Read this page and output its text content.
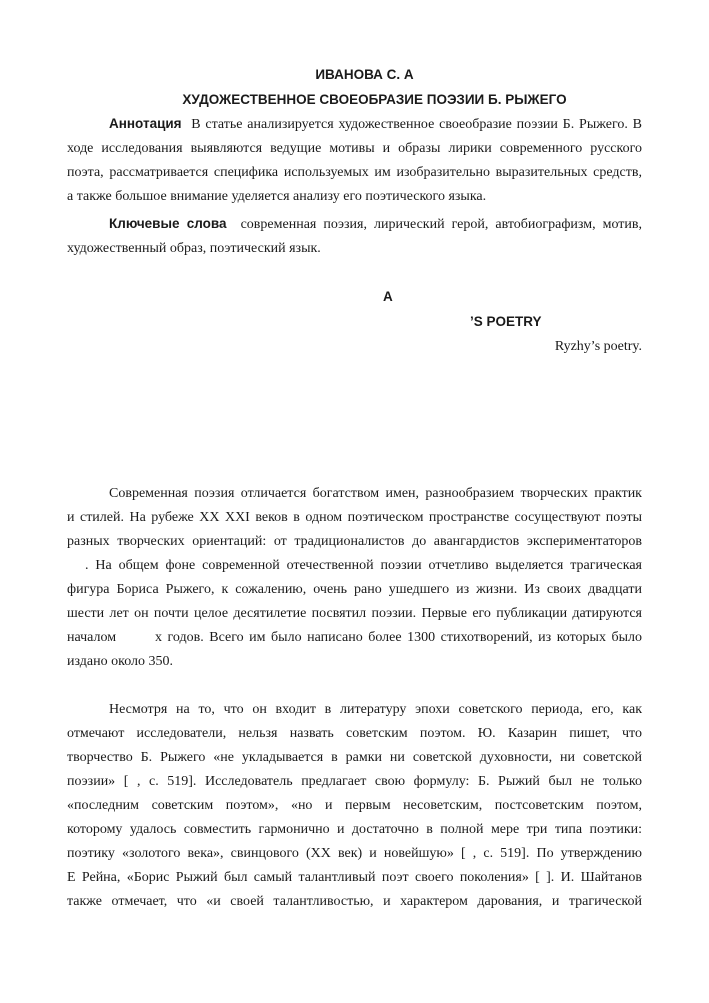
ИВАНОВА С. А
ХУДОЖЕСТВЕННОЕ СВОЕОБРАЗИЕ ПОЭЗИИ Б. РЫЖЕГО
Аннотация В статье анализируется художественное своеобразие поэзии Б. Рыжего. В
ходе исследования выявляются ведущие мотивы и образы лирики современного русского
поэта, рассматривается специфика используемых им изобразительно выразительных средств,
а также большое внимание уделяется анализу его поэтического языка.
Ключевые слова современная поэзия, лирический герой, автобиографизм, мотив,
художественный образ, поэтический язык.
A
’S POETRY
Ryzhy’s poetry.
Современная поэзия отличается богатством имен, разнообразием творческих практик
и стилей. На рубеже XX XXI веков в одном поэтическом пространстве сосуществуют поэты
разных творческих ориентаций: от традиционалистов до авангардистов экспериментаторов
. На общем фоне современной отечественной поэзии отчетливо выделяется трагическая
фигура Бориса Рыжего, к сожалению, очень рано ушедшего из жизни. Из своих двадцати
шести лет он почти целое десятилетие посвятил поэзии. Первые его публикации датируются
началом	х годов. Всего им было написано более 1300 стихотворений, из которых было
издано около 350.
Несмотря на то, что он входит в литературу эпохи советского периода, его, как
отмечают исследователи, нельзя назвать советским поэтом. Ю. Казарин пишет, что
творчество Б. Рыжего «не укладывается в рамки ни советской духовности, ни советской
поэзии» [ , с. 519]. Исследователь предлагает свою формулу: Б. Рыжий был не только
«последним советским поэтом», «но и первым несоветским, постсоветским поэтом,
которому удалось совместить гармонично и достаточно в полной мере три типа поэтики:
поэтику «золотого века», свинцового (XX век) и новейшую» [ , с. 519]. По утверждению
Е Рейна, «Борис Рыжий был самый талантливый поэт своего поколения» [ ]. И. Шайтанов
также отмечает, что «и своей талантливостью, и характером дарования, и трагической
